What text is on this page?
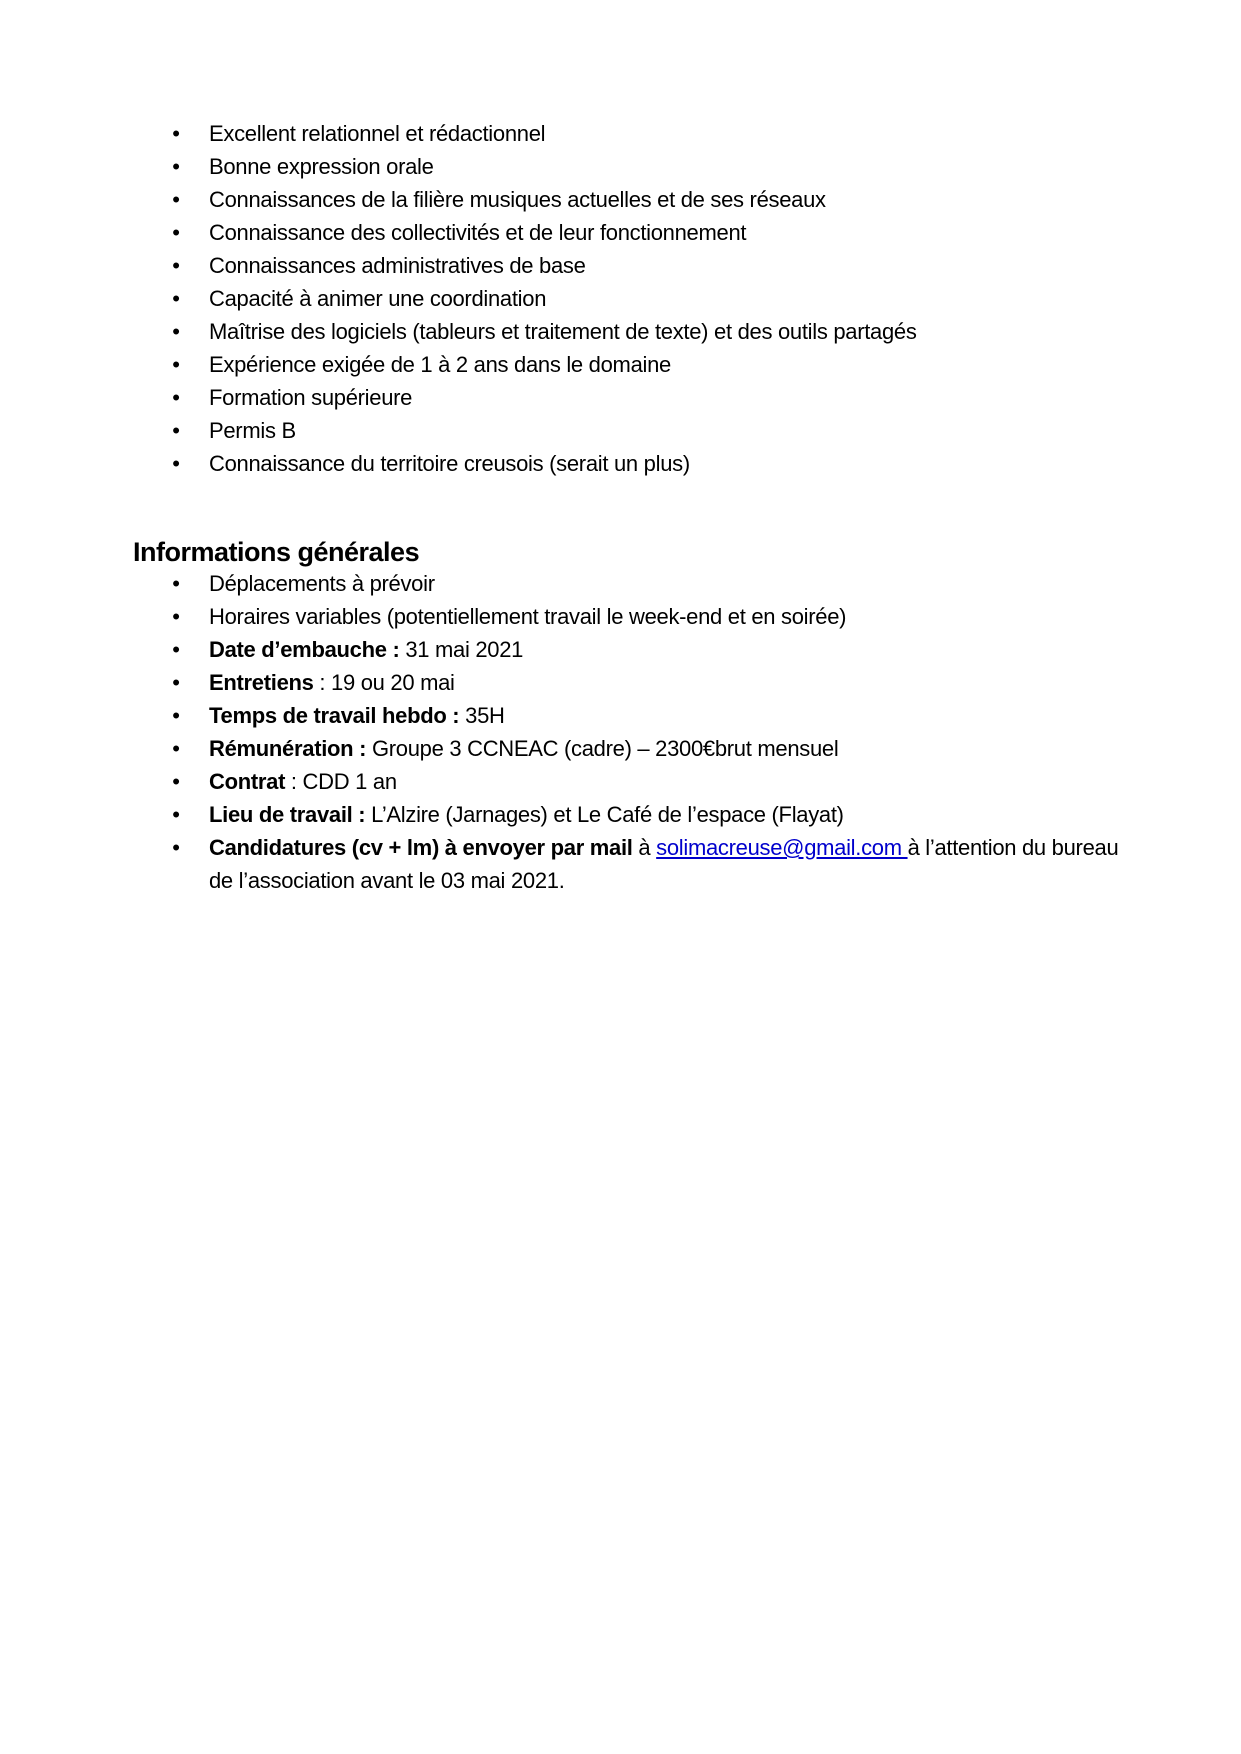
• Excellent relationnel et rédactionnel
• Bonne expression orale
• Connaissances de la filière musiques actuelles et de ses réseaux
• Connaissance des collectivités et de leur fonctionnement
• Connaissances administratives de base
• Capacité à animer une coordination
• Maîtrise des logiciels (tableurs et traitement de texte) et des outils partagés
• Expérience exigée de 1 à 2 ans dans le domaine
• Formation supérieure
• Permis B
• Connaissance du territoire creusois (serait un plus)
Informations générales
• Déplacements à prévoir
• Horaires variables (potentiellement travail le week-end et en soirée)
• Date d’embauche : 31 mai 2021
• Entretiens : 19 ou 20 mai
• Temps de travail hebdo : 35H
• Rémunération : Groupe 3 CCNEAC (cadre) – 2300€brut mensuel
• Contrat : CDD 1 an
• Lieu de travail : L’Alzire (Jarnages) et Le Café de l’espace (Flayat)
• Candidatures (cv + lm) à envoyer par mail à solimacreuse@gmail.com à l’attention du bureau de l’association avant le 03 mai 2021.
